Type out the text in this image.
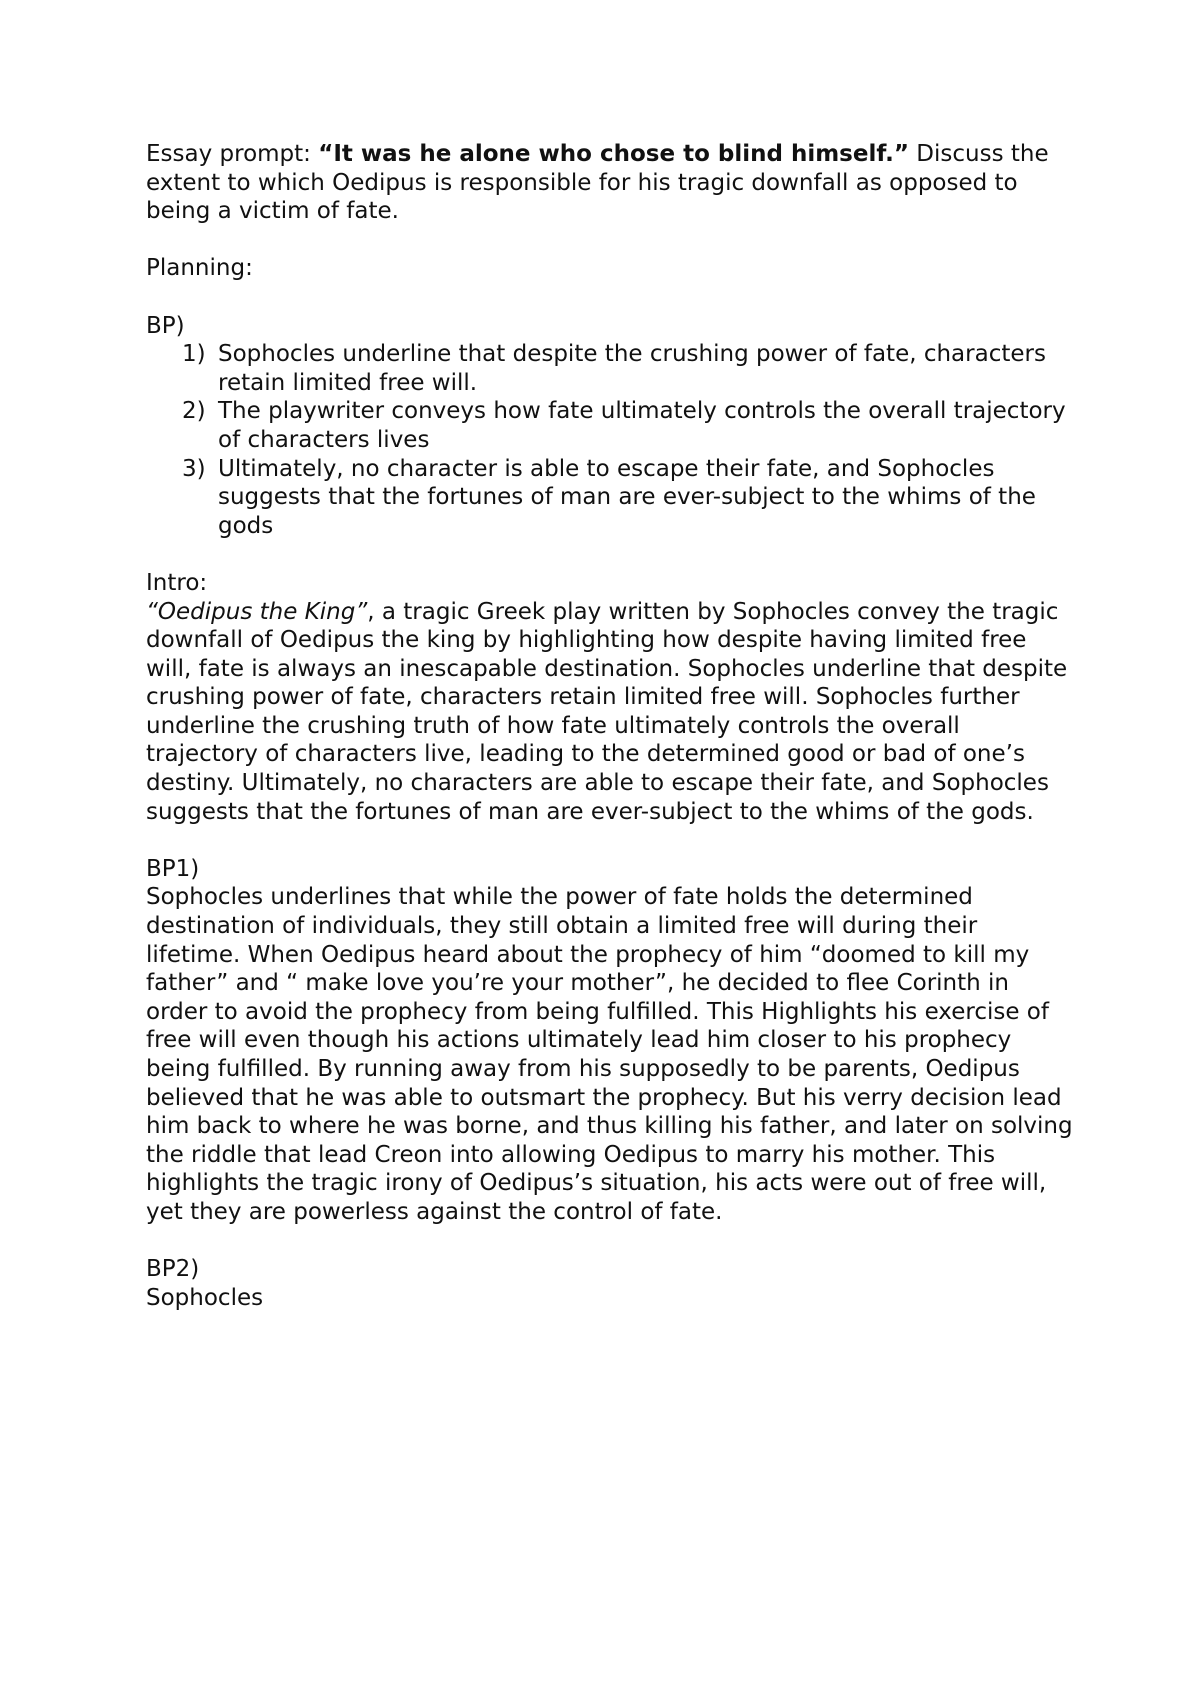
Essay prompt: “It was he alone who chose to blind himself.” Discuss the extent to which Oedipus is responsible for his tragic downfall as opposed to being a victim of fate.

Planning:

BP)

1) Sophocles underline that despite the crushing power of fate, characters retain limited free will.
2) The playwriter conveys how fate ultimately controls the overall trajectory of characters lives
3) Ultimately, no character is able to escape their fate, and Sophocles suggests that the fortunes of man are ever-subject to the whims of the gods

Intro:

“Oedipus the King”, a tragic Greek play written by Sophocles convey the tragic downfall of Oedipus the king by highlighting how despite having limited free will, fate is always an inescapable destination. Sophocles underline that despite crushing power of fate, characters retain limited free will. Sophocles further underline the crushing truth of how fate ultimately controls the overall trajectory of characters live, leading to the determined good or bad of one’s destiny. Ultimately, no characters are able to escape their fate, and Sophocles suggests that the fortunes of man are ever-subject to the whims of the gods.

BP1)

Sophocles underlines that while the power of fate holds the determined destination of individuals, they still obtain a limited free will during their lifetime. When Oedipus heard about the prophecy of him “doomed to kill my father” and “ make love you’re your mother”, he decided to flee Corinth in order to avoid the prophecy from being fulfilled. This Highlights his exercise of free will even though his actions ultimately lead him closer to his prophecy being fulfilled. By running away from his supposedly to be parents, Oedipus believed that he was able to outsmart the prophecy. But his verry decision lead him back to where he was borne, and thus killing his father, and later on solving the riddle that lead Creon into allowing Oedipus to marry his mother. This highlights the tragic irony of Oedipus’s situation, his acts were out of free will, yet they are powerless against the control of fate.

BP2)

Sophocles
